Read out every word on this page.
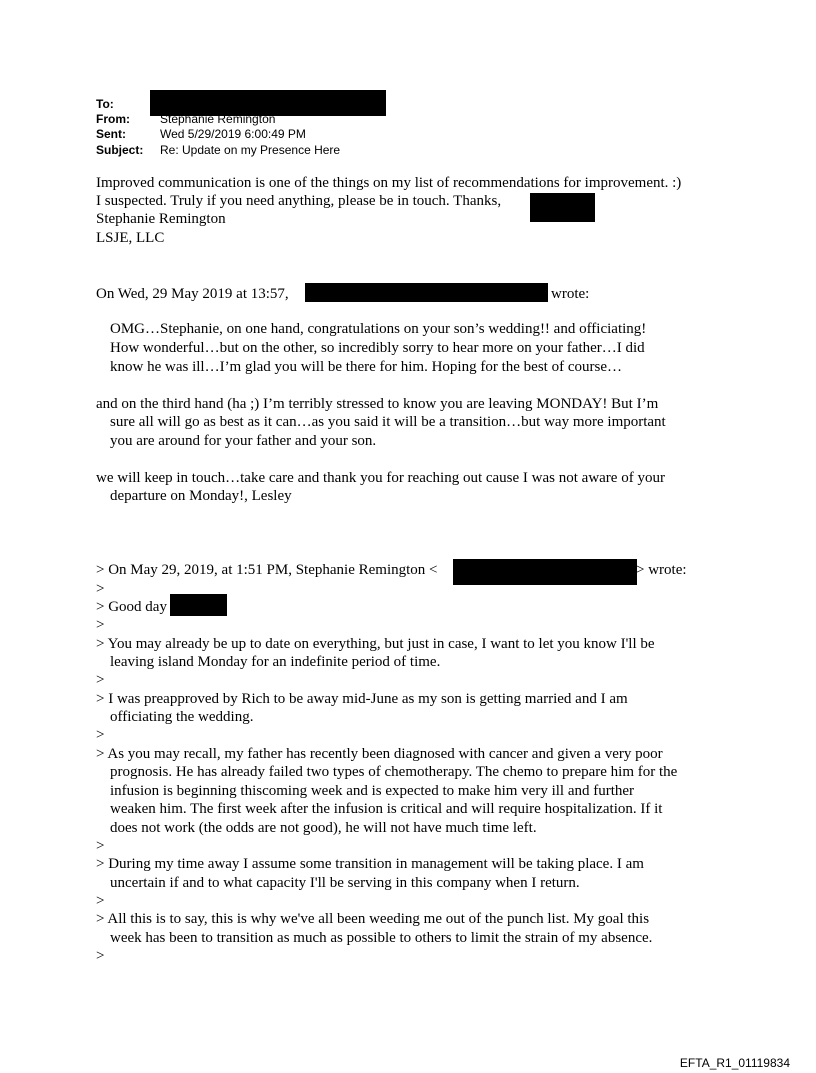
To:
From:	Stephanie Remington
Sent:	Wed 5/29/2019 6:00:49 PM
Subject: Re: Update on my Presence Here
Improved communication is one of the things on my list of recommendations for improvement. :)
I suspected. Truly if you need anything, please be in touch. Thanks,
Stephanie Remington
LSJE, LLC
On Wed, 29 May 2019 at 13:57,	wrote:
OMG…Stephanie, on one hand, congratulations on your son’s wedding!! and officiating!
How wonderful…but on the other, so incredibly sorry to hear more on your father…I did
know he was ill…I’m glad you will be there for him. Hoping for the best of course…
and on the third hand (ha ;) I’m terribly stressed to know you are leaving MONDAY! But I’m
sure all will go as best as it can…as you said it will be a transition…but way more important
you are around for your father and your son.
we will keep in touch…take care and thank you for reaching out cause I was not aware of your
departure on Monday!, Lesley
> On May 29, 2019, at 1:51 PM, Stephanie Remington <	> wrote:
>
> Good day
>
> You may already be up to date on everything, but just in case, I want to let you know I'll be
leaving island Monday for an indefinite period of time.
>
> I was preapproved by Rich to be away mid-June as my son is getting married and I am
officiating the wedding.
>
> As you may recall, my father has recently been diagnosed with cancer and given a very poor
prognosis. He has already failed two types of chemotherapy. The chemo to prepare him for the
infusion is beginning thiscoming week and is expected to make him very ill and further
weaken him. The first week after the infusion is critical and will require hospitalization. If it
does not work (the odds are not good), he will not have much time left.
>
> During my time away I assume some transition in management will be taking place. I am
uncertain if and to what capacity I'll be serving in this company when I return.
>
> All this is to say, this is why we've all been weeding me out of the punch list. My goal this
week has been to transition as much as possible to others to limit the strain of my absence.
>
EFTA_R1_01119834
